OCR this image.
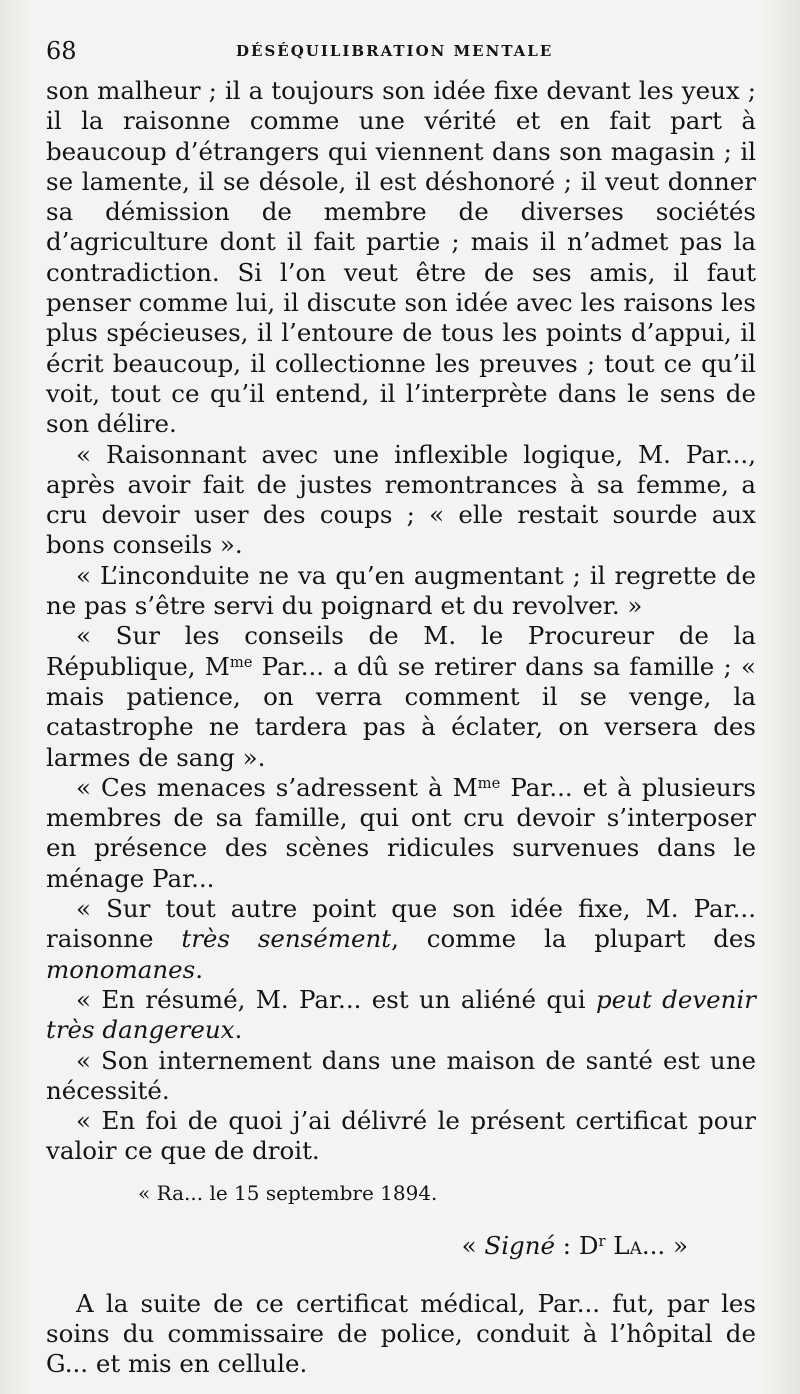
68	DÉSÉQUILIBRATION MENTALE

son malheur ; il a toujours son idée fixe devant les yeux ; il la raisonne comme une vérité et en fait part à beaucoup d’étrangers qui viennent dans son magasin ; il se lamente, il se désole, il est déshonoré ; il veut donner sa démission de membre de diverses sociétés d’agriculture dont il fait partie ; mais il n’admet pas la contradiction. Si l’on veut être de ses amis, il faut penser comme lui, il discute son idée avec les raisons les plus spécieuses, il l’entoure de tous les points d’appui, il écrit beaucoup, il collectionne les preuves ; tout ce qu’il voit, tout ce qu’il entend, il l’interprète dans le sens de son délire.

« Raisonnant avec une inflexible logique, M. Par..., après avoir fait de justes remontrances à sa femme, a cru devoir user des coups ; « elle restait sourde aux bons conseils ».

« L’inconduite ne va qu’en augmentant ; il regrette de ne pas s’être servi du poignard et du revolver. »

« Sur les conseils de M. le Procureur de la République, $M^{me}$ Par... a dû se retirer dans sa famille ; « mais patience, on verra comment il se venge, la catastrophe ne tardera pas à éclater, on versera des larmes de sang ».

« Ces menaces s’adressent à $M^{me}$ Par... et à plusieurs membres de sa famille, qui ont cru devoir s’interposer en présence des scènes ridicules survenues dans le ménage Par...

« Sur tout autre point que son idée fixe, M. Par... raisonne très sensément, comme la plupart des monomanes.

« En résumé, M. Par... est un aliéné qui peut devenir très dangereux.

« Son internement dans une maison de santé est une nécessité.

« En foi de quoi j’ai délivré le présent certificat pour valoir ce que de droit.

« Ra... le 15 septembre 1894.

« Signé : $D^r$ La... »

A la suite de ce certificat médical, Par... fut, par les soins du commissaire de police, conduit à l’hôpital de G... et mis en cellule.
